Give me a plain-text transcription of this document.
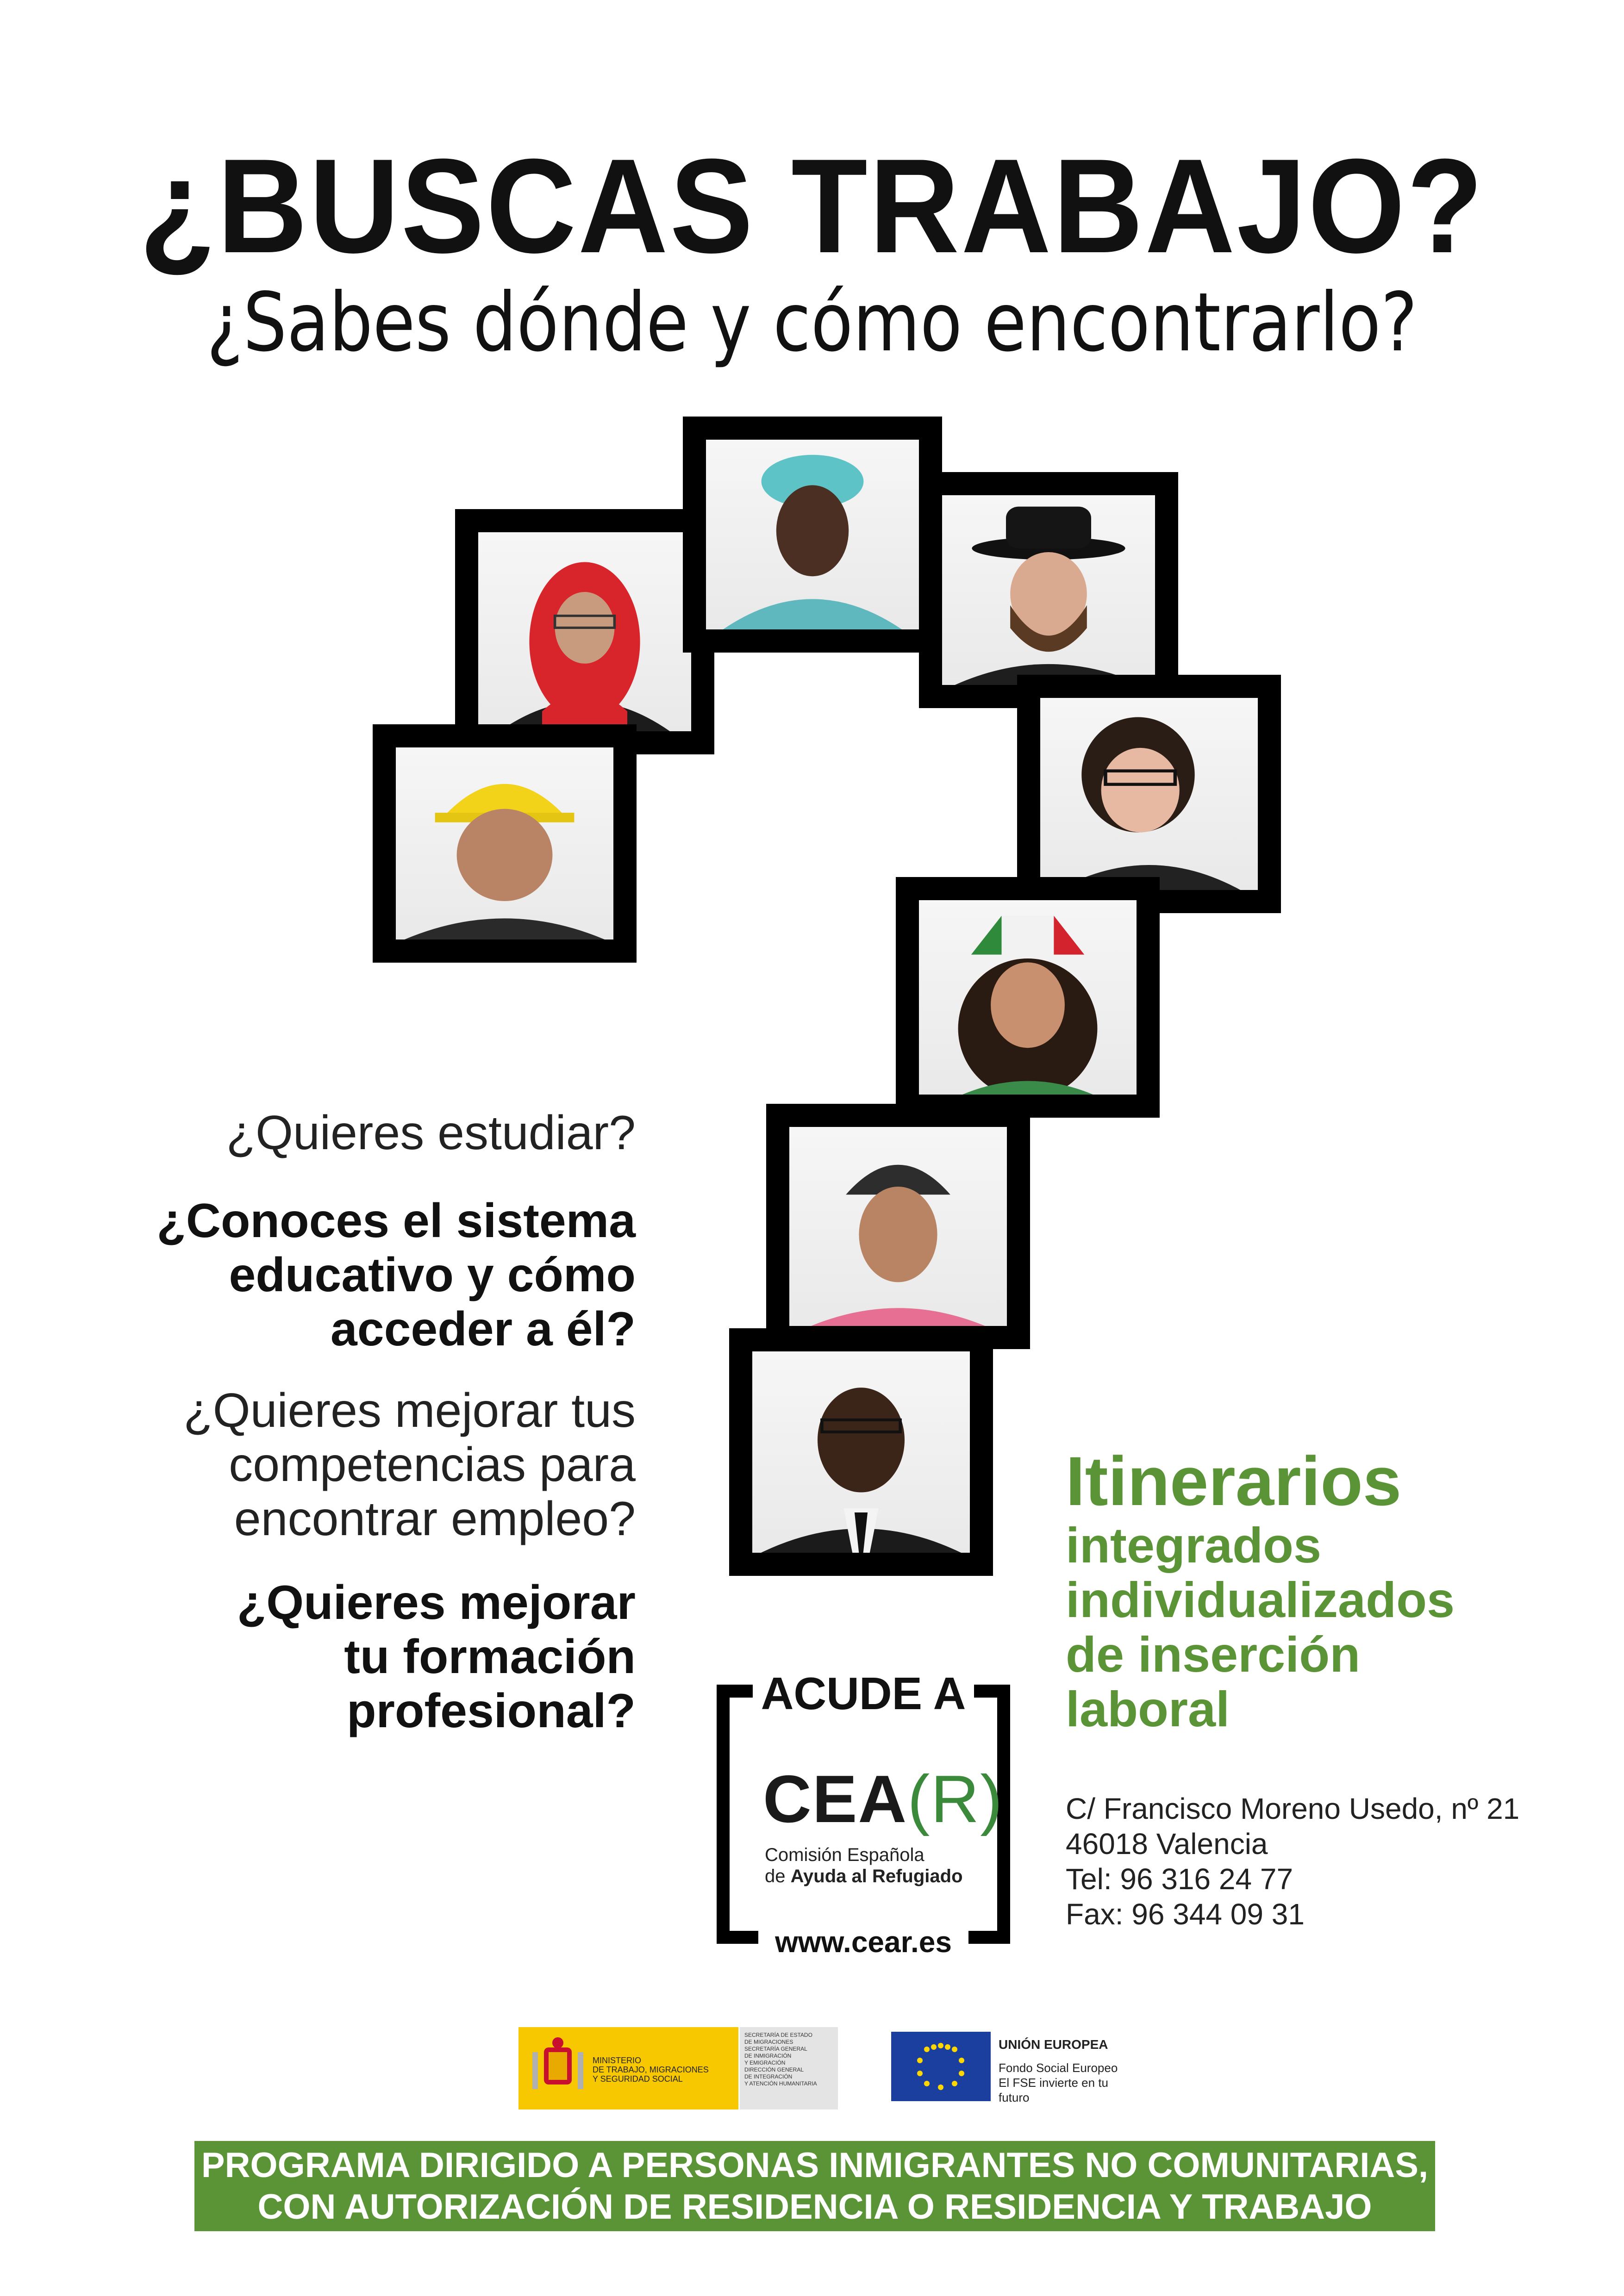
¿BUSCAS TRABAJO?
¿Sabes dónde y cómo encontrarlo?
¿Quieres estudiar?
¿Conoces el sistema
educativo y cómo
acceder a él?
¿Quieres mejorar tus
competencias para
encontrar empleo?
¿Quieres mejorar
tu formación
profesional?
Itinerarios
integrados
individualizados
de inserción
laboral
ACUDE A
CEA(R)
Comisión Española
de Ayuda al Refugiado
www.cear.es
C/ Francisco Moreno Usedo, nº 21
46018 Valencia
Tel: 96 316 24 77
Fax: 96 344 09 31
MINISTERIO
DE TRABAJO, MIGRACIONES
Y SEGURIDAD SOCIAL
SECRETARÍA DE ESTADO
DE MIGRACIONES
SECRETARÍA GENERAL
DE INMIGRACIÓN
Y EMIGRACIÓN
DIRECCIÓN GENERAL
DE INTEGRACIÓN
Y ATENCIÓN HUMANITARIA
UNIÓN EUROPEA
Fondo Social Europeo
El FSE invierte en tu futuro
PROGRAMA DIRIGIDO A PERSONAS INMIGRANTES NO COMUNITARIAS,
CON AUTORIZACIÓN DE RESIDENCIA O RESIDENCIA Y TRABAJO
